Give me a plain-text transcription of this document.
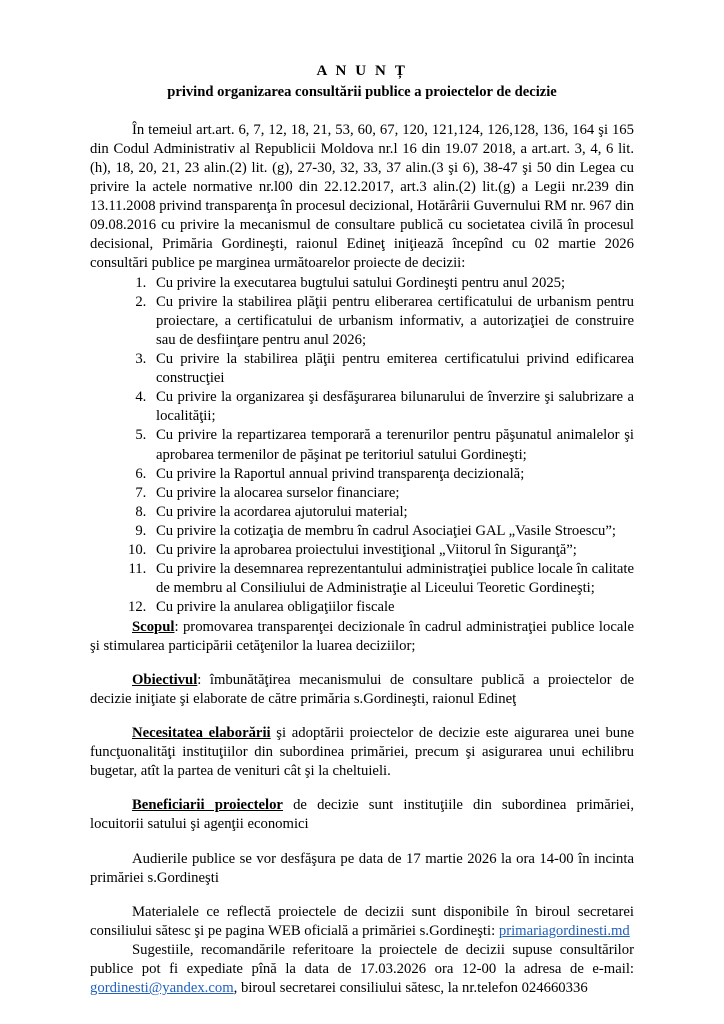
A N U N Ț
privind organizarea consultării publice a proiectelor de decizie

În temeiul art.art. 6, 7, 12, 18, 21, 53, 60, 67, 120, 121,124, 126,128, 136, 164 şi 165 din Codul Administrativ al Republicii Moldova nr.l 16 din 19.07 2018, a art.art. 3, 4, 6 lit.(h), 18, 20, 21, 23 alin.(2) lit. (g), 27-30, 32, 33, 37 alin.(3 şi 6), 38-47 şi 50 din Legea cu privire la actele normative nr.l00 din 22.12.2017, art.3 alin.(2) lit.(g) a Legii nr.239 din 13.11.2008 privind transparenţa în procesul decizional, Hotărârii Guvernului RM nr. 967 din 09.08.2016 cu privire la mecanismul de consultare publică cu societatea civilă în procesul decisional, Primăria Gordineşti, raionul Edineţ iniţiează începînd cu 02 martie 2026 consultări publice pe marginea următoarelor proiecte de decizii:

1. Cu privire la executarea bugtului satului Gordineşti pentru anul 2025;
2. Cu privire la stabilirea plăţii pentru eliberarea certificatului de urbanism pentru proiectare, a certificatului de urbanism informativ, a autorizaţiei de construire sau de desfiinţare pentru anul 2026;
3. Cu privire la stabilirea plăţii pentru emiterea certificatului privind edificarea construcţiei
4. Cu privire la organizarea şi desfăşurarea bilunarului de înverzire şi salubrizare a localităţii;
5. Cu privire la repartizarea temporară a terenurilor pentru păşunatul animalelor şi aprobarea termenilor de păşinat pe teritoriul satului Gordineşti;
6. Cu privire la Raportul annual privind transparenţa decizională;
7. Cu privire la alocarea surselor financiare;
8. Cu privire la acordarea ajutorului material;
9. Cu privire la cotizaţia de membru în cadrul Asociaţiei GAL „Vasile Stroescu”;
10. Cu privire la aprobarea proiectului investiţional „Viitorul în Siguranţă”;
11. Cu privire la desemnarea reprezentantului administraţiei publice locale în calitate de membru al Consiliului de Administraţie al Liceului Teoretic Gordineşti;
12. Cu privire la anularea obligaţiilor fiscale

Scopul: promovarea transparenţei decizionale în cadrul administraţiei publice locale şi stimularea participării cetăţenilor la luarea deciziilor;

Obiectivul: îmbunătăţirea mecanismului de consultare publică a proiectelor de decizie iniţiate şi elaborate de către primăria s.Gordineşti, raionul Edineţ

Necesitatea elaborării şi adoptării proiectelor de decizie este aigurarea unei bune funcţuonalităţi instituţiilor din subordinea primăriei, precum şi asigurarea unui echilibru bugetar, atît la partea de venituri cât şi la cheltuieli.

Beneficiarii proiectelor de decizie sunt instituţiile din subordinea primăriei, locuitorii satului şi agenţii economici

Audierile publice se vor desfăşura pe data de 17 martie 2026 la ora 14-00 în incinta primăriei s.Gordineşti

Materialele ce reflectă proiectele de decizii sunt disponibile în biroul secretarei consiliului sătesc şi pe pagina WEB oficială a primăriei s.Gordineşti: primariagordinesti.md

Sugestiile, recomandările referitoare la proiectele de decizii supuse consultărilor publice pot fi expediate pînă la data de 17.03.2026 ora 12-00 la adresa de e-mail: gordinesti@yandex.com, biroul secretarei consiliului sătesc, la nr.telefon 024660336
